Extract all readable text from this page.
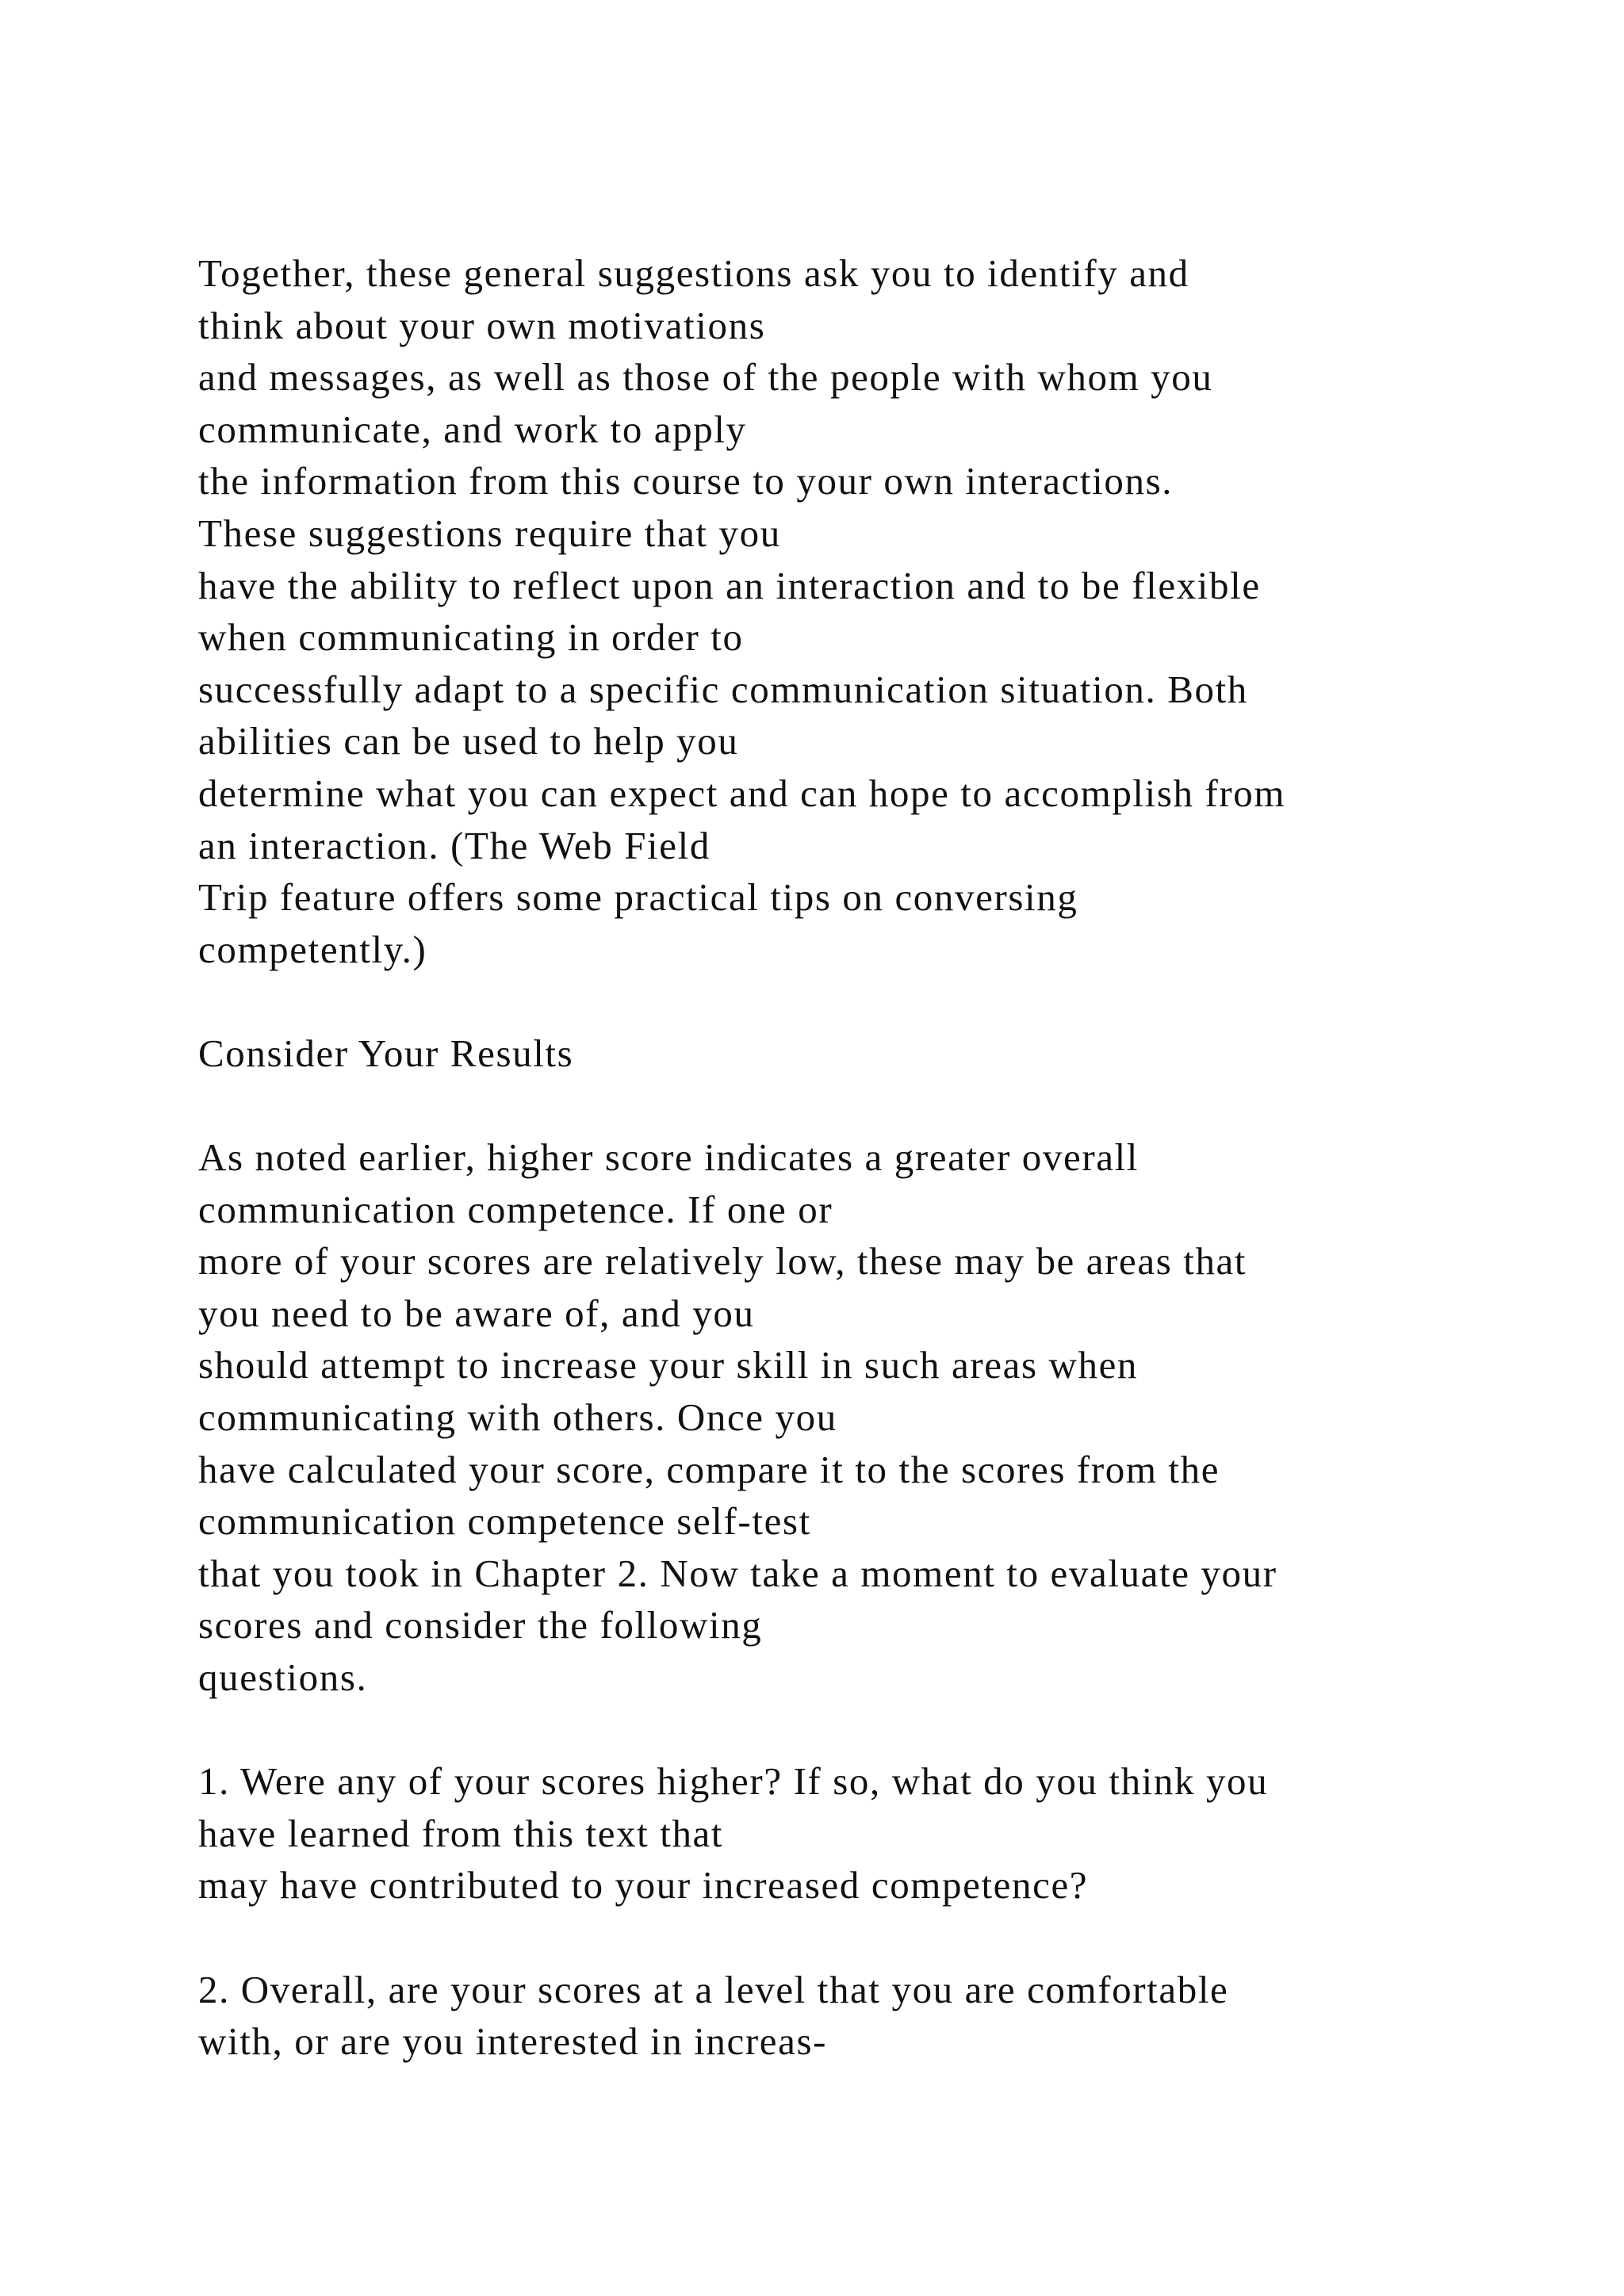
Together, these general suggestions ask you to identify and
think about your own motivations
and messages, as well as those of the people with whom you
communicate, and work to apply
the information from this course to your own interactions.
These suggestions require that you
have the ability to reflect upon an interaction and to be flexible
when communicating in order to
successfully adapt to a specific communication situation. Both
abilities can be used to help you
determine what you can expect and can hope to accomplish from
an interaction. (The Web Field
Trip feature offers some practical tips on conversing
competently.)

Consider Your Results

As noted earlier, higher score indicates a greater overall
communication competence. If one or
more of your scores are relatively low, these may be areas that
you need to be aware of, and you
should attempt to increase your skill in such areas when
communicating with others. Once you
have calculated your score, compare it to the scores from the
communication competence self-test
that you took in Chapter 2. Now take a moment to evaluate your
scores and consider the following
questions.

1. Were any of your scores higher? If so, what do you think you
have learned from this text that
may have contributed to your increased competence?

2. Overall, are your scores at a level that you are comfortable
with, or are you interested in increas-
